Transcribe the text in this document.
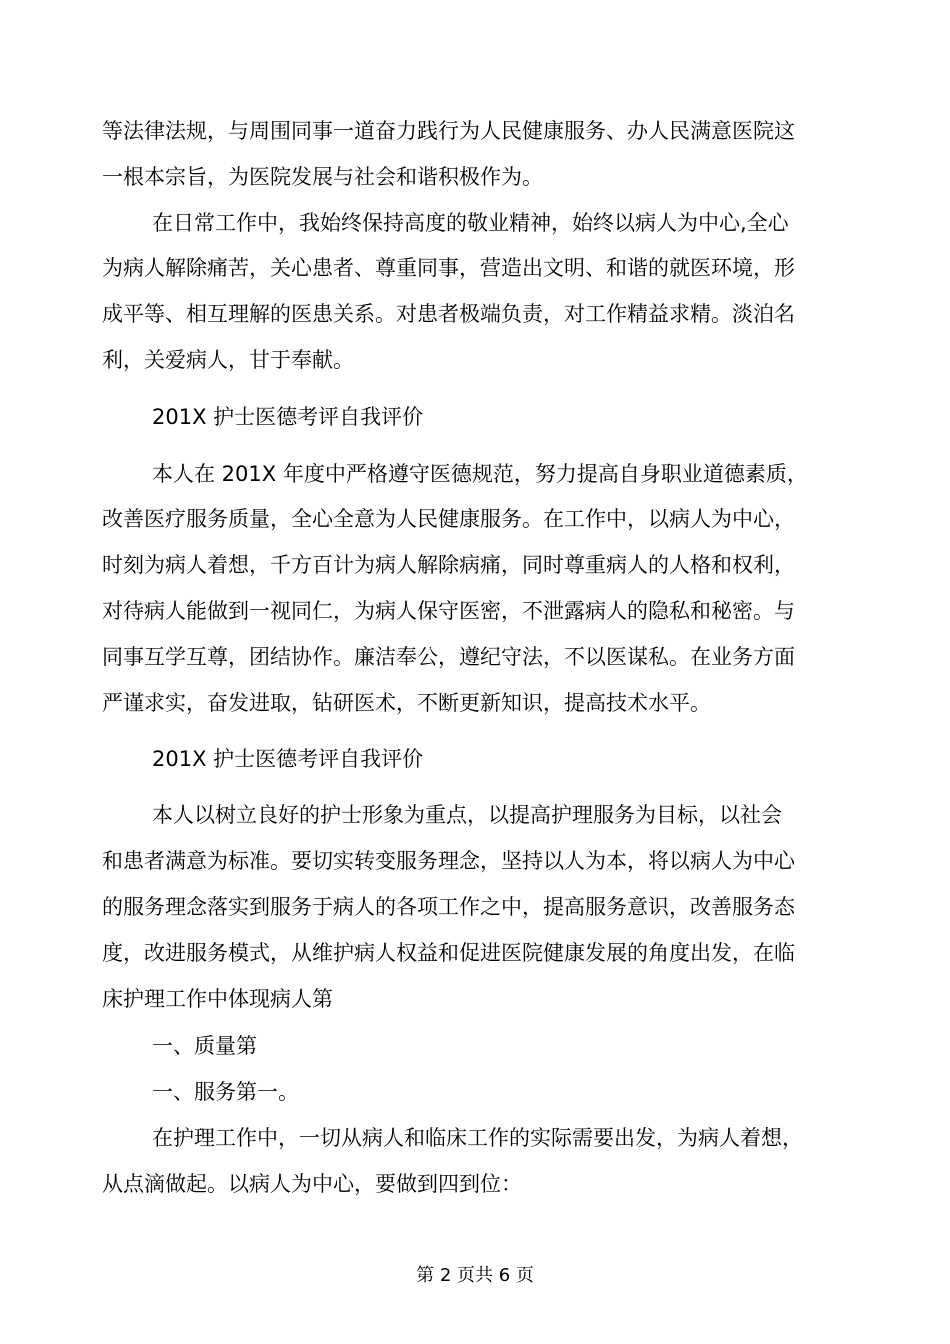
等法律法规，与周围同事一道奋力践行为人民健康服务、办人民满意医院这
一根本宗旨，为医院发展与社会和谐积极作为。
在日常工作中，我始终保持高度的敬业精神，始终以病人为中心,全心
为病人解除痛苦，关心患者、尊重同事，营造出文明、和谐的就医环境，形
成平等、相互理解的医患关系。对患者极端负责，对工作精益求精。淡泊名
利，关爱病人，甘于奉献。
201X 护士医德考评自我评价
本人在 201X 年度中严格遵守医德规范，努力提高自身职业道德素质，
改善医疗服务质量，全心全意为人民健康服务。在工作中，以病人为中心，
时刻为病人着想，千方百计为病人解除病痛，同时尊重病人的人格和权利，
对待病人能做到一视同仁，为病人保守医密，不泄露病人的隐私和秘密。与
同事互学互尊，团结协作。廉洁奉公，遵纪守法，不以医谋私。在业务方面
严谨求实，奋发进取，钻研医术，不断更新知识，提高技术水平。
201X 护士医德考评自我评价
本人以树立良好的护士形象为重点，以提高护理服务为目标，以社会
和患者满意为标准。要切实转变服务理念，坚持以人为本，将以病人为中心
的服务理念落实到服务于病人的各项工作之中，提高服务意识，改善服务态
度，改进服务模式，从维护病人权益和促进医院健康发展的角度出发，在临
床护理工作中体现病人第
一、质量第
一、服务第一。
在护理工作中，一切从病人和临床工作的实际需要出发，为病人着想，
从点滴做起。以病人为中心，要做到四到位：
第 2 页共 6 页
